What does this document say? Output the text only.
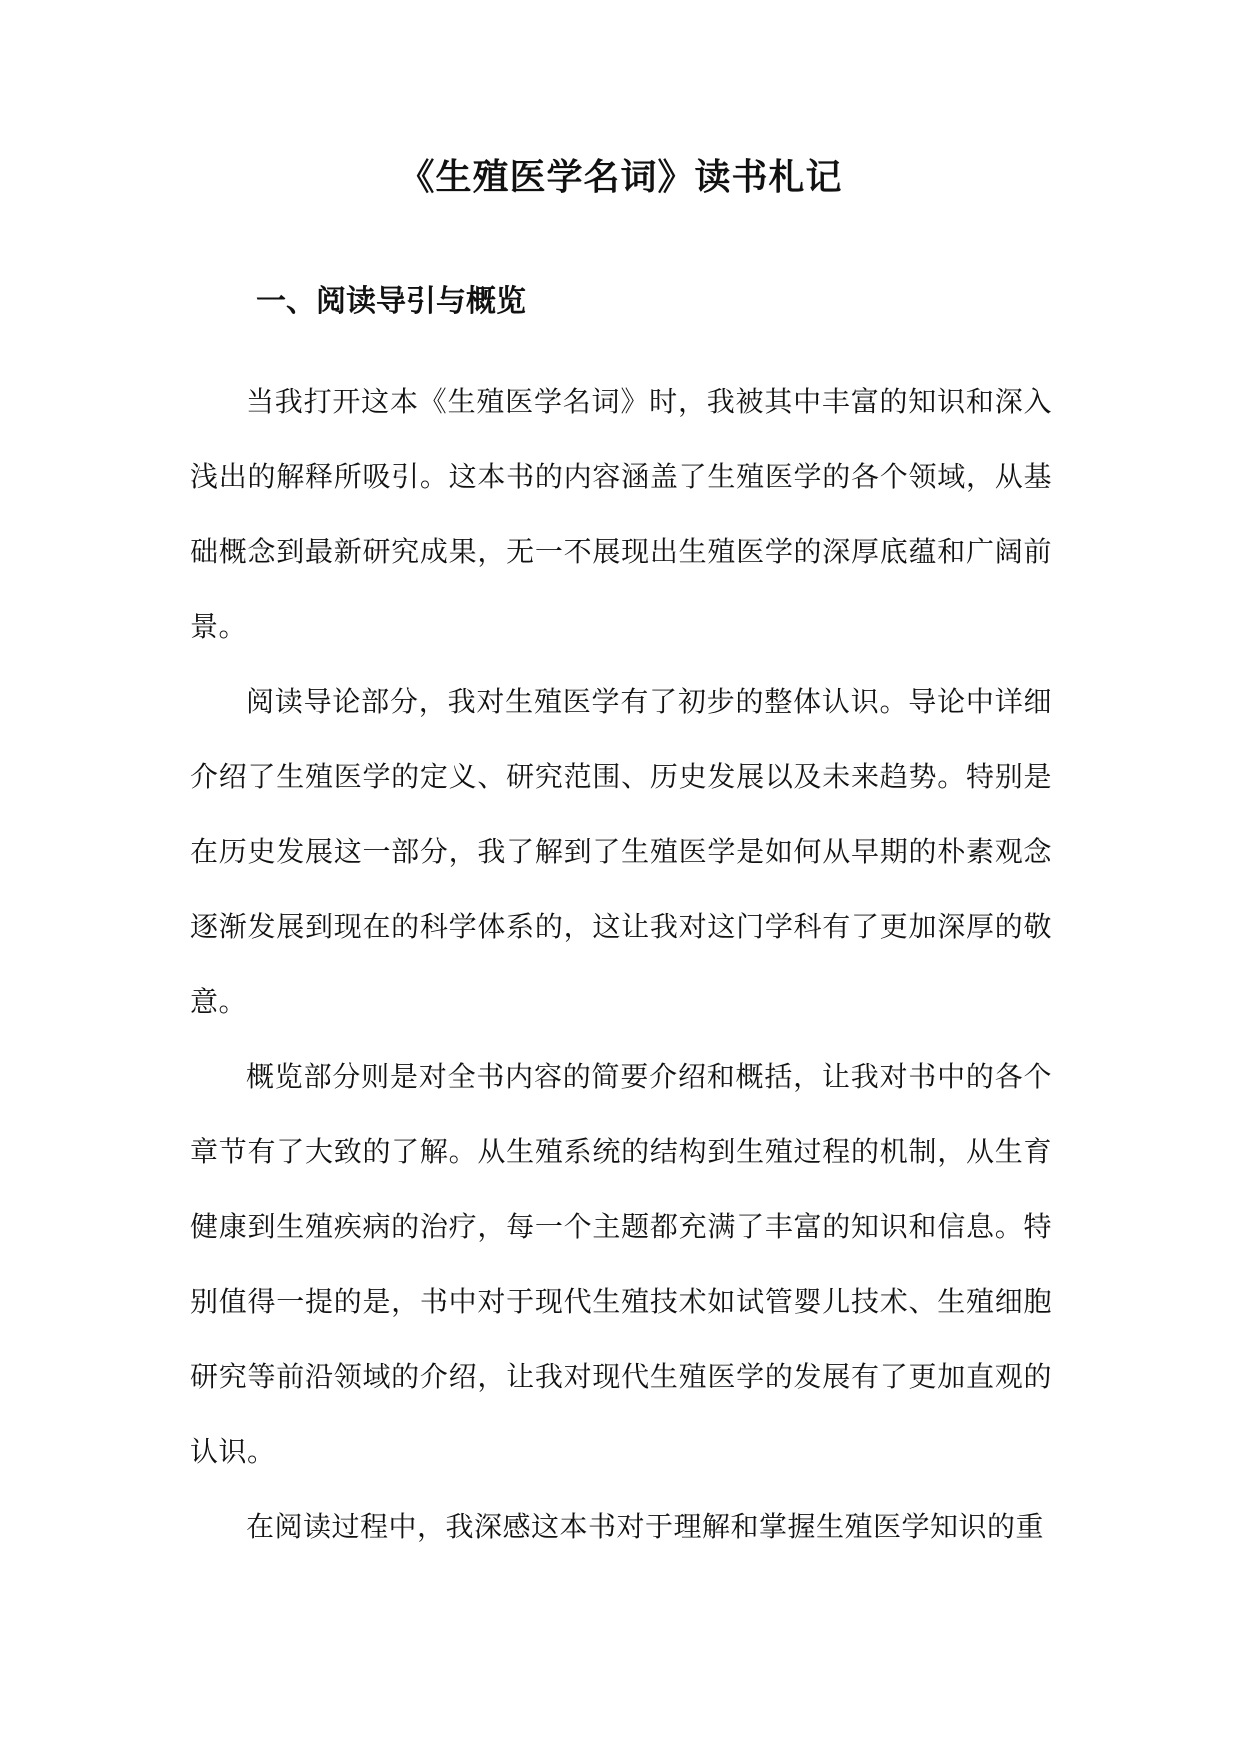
《生殖医学名词》读书札记
一、阅读导引与概览

当我打开这本《生殖医学名词》时，我被其中丰富的知识和深入浅出的解释所吸引。这本书的内容涵盖了生殖医学的各个领域，从基础概念到最新研究成果，无一不展现出生殖医学的深厚底蕴和广阔前景。

阅读导论部分，我对生殖医学有了初步的整体认识。导论中详细介绍了生殖医学的定义、研究范围、历史发展以及未来趋势。特别是在历史发展这一部分，我了解到了生殖医学是如何从早期的朴素观念逐渐发展到现在的科学体系的，这让我对这门学科有了更加深厚的敬意。

概览部分则是对全书内容的简要介绍和概括，让我对书中的各个章节有了大致的了解。从生殖系统的结构到生殖过程的机制，从生育健康到生殖疾病的治疗，每一个主题都充满了丰富的知识和信息。特别值得一提的是，书中对于现代生殖技术如试管婴儿技术、生殖细胞研究等前沿领域的介绍，让我对现代生殖医学的发展有了更加直观的认识。

在阅读过程中，我深感这本书对于理解和掌握生殖医学知识的重
